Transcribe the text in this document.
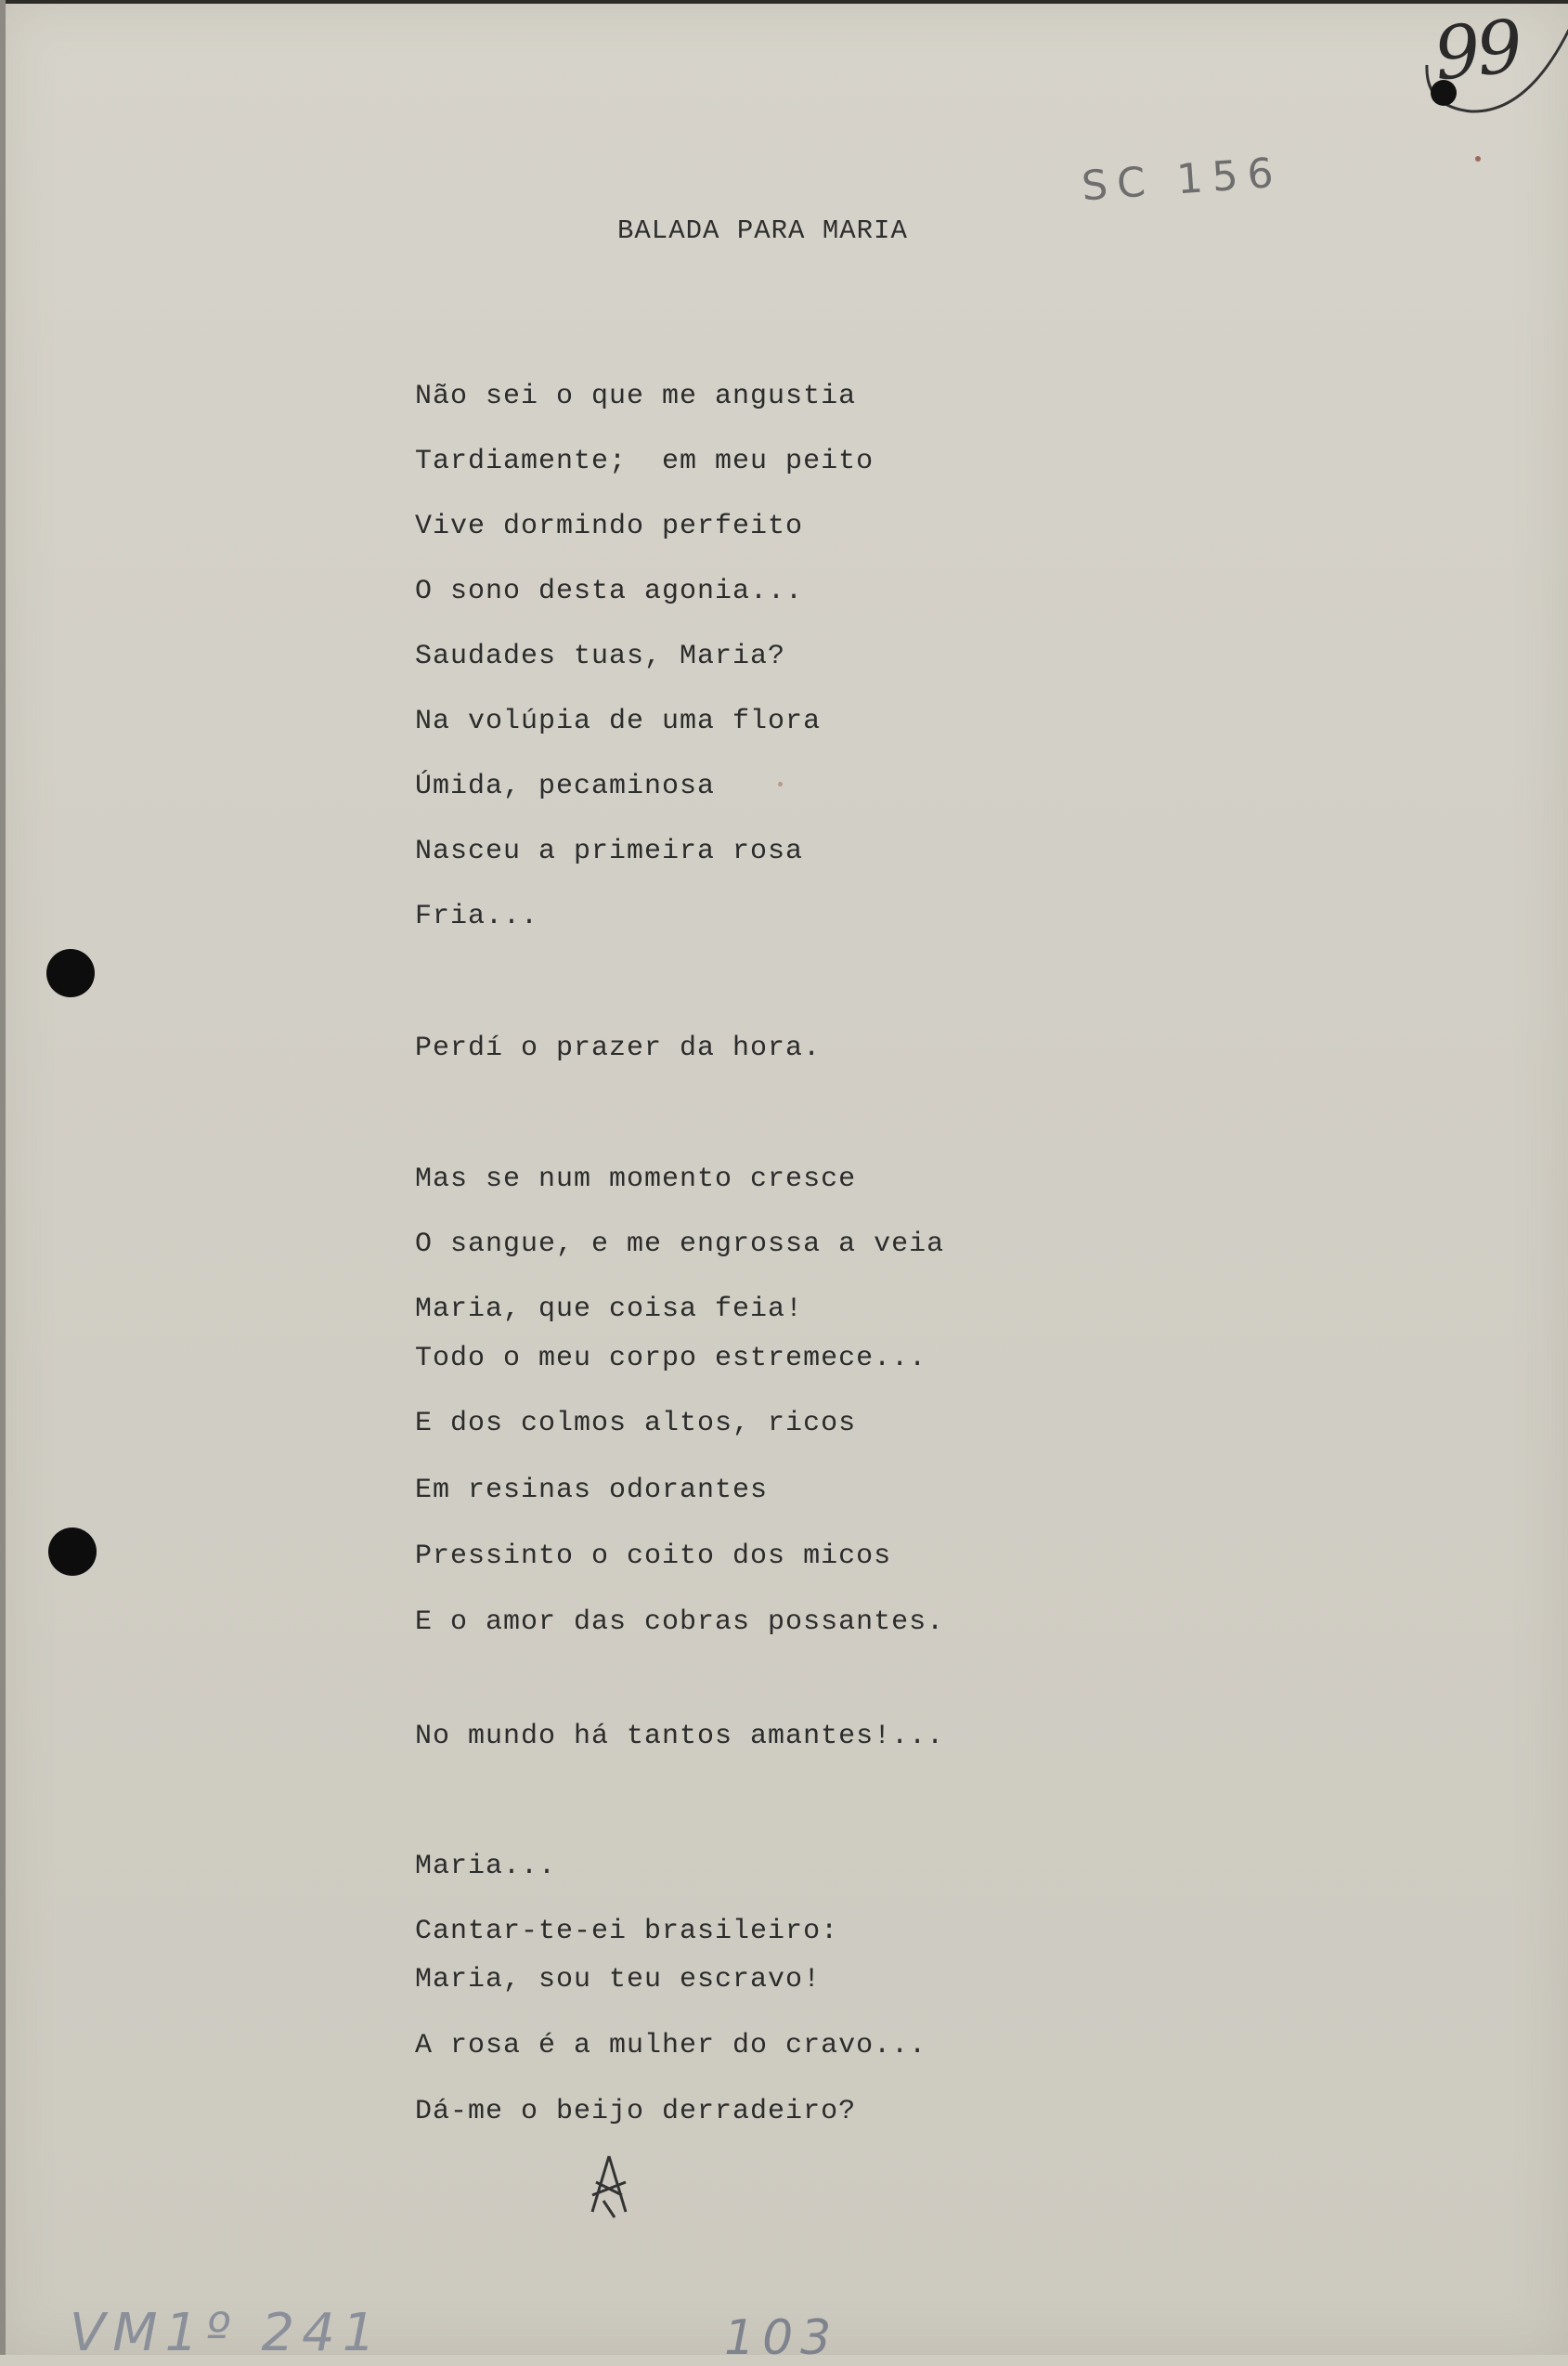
99
SC 156
BALADA PARA MARIA
Não sei o que me angustia
Tardiamente;  em meu peito
Vive dormindo perfeito
O sono desta agonia...
Saudades tuas, Maria?
Na volúpia de uma flora
Úmida, pecaminosa
Nasceu a primeira rosa
Fria...
Perdí o prazer da hora.
Mas se num momento cresce
O sangue, e me engrossa a veia
Maria, que coisa feia!
Todo o meu corpo estremece...
E dos colmos altos, ricos
Em resinas odorantes
Pressinto o coito dos micos
E o amor das cobras possantes.
No mundo há tantos amantes!...
Maria...
Cantar-te-ei brasileiro:
Maria, sou teu escravo!
A rosa é a mulher do cravo...
Dá-me o beijo derradeiro?
VM1º 241	103
